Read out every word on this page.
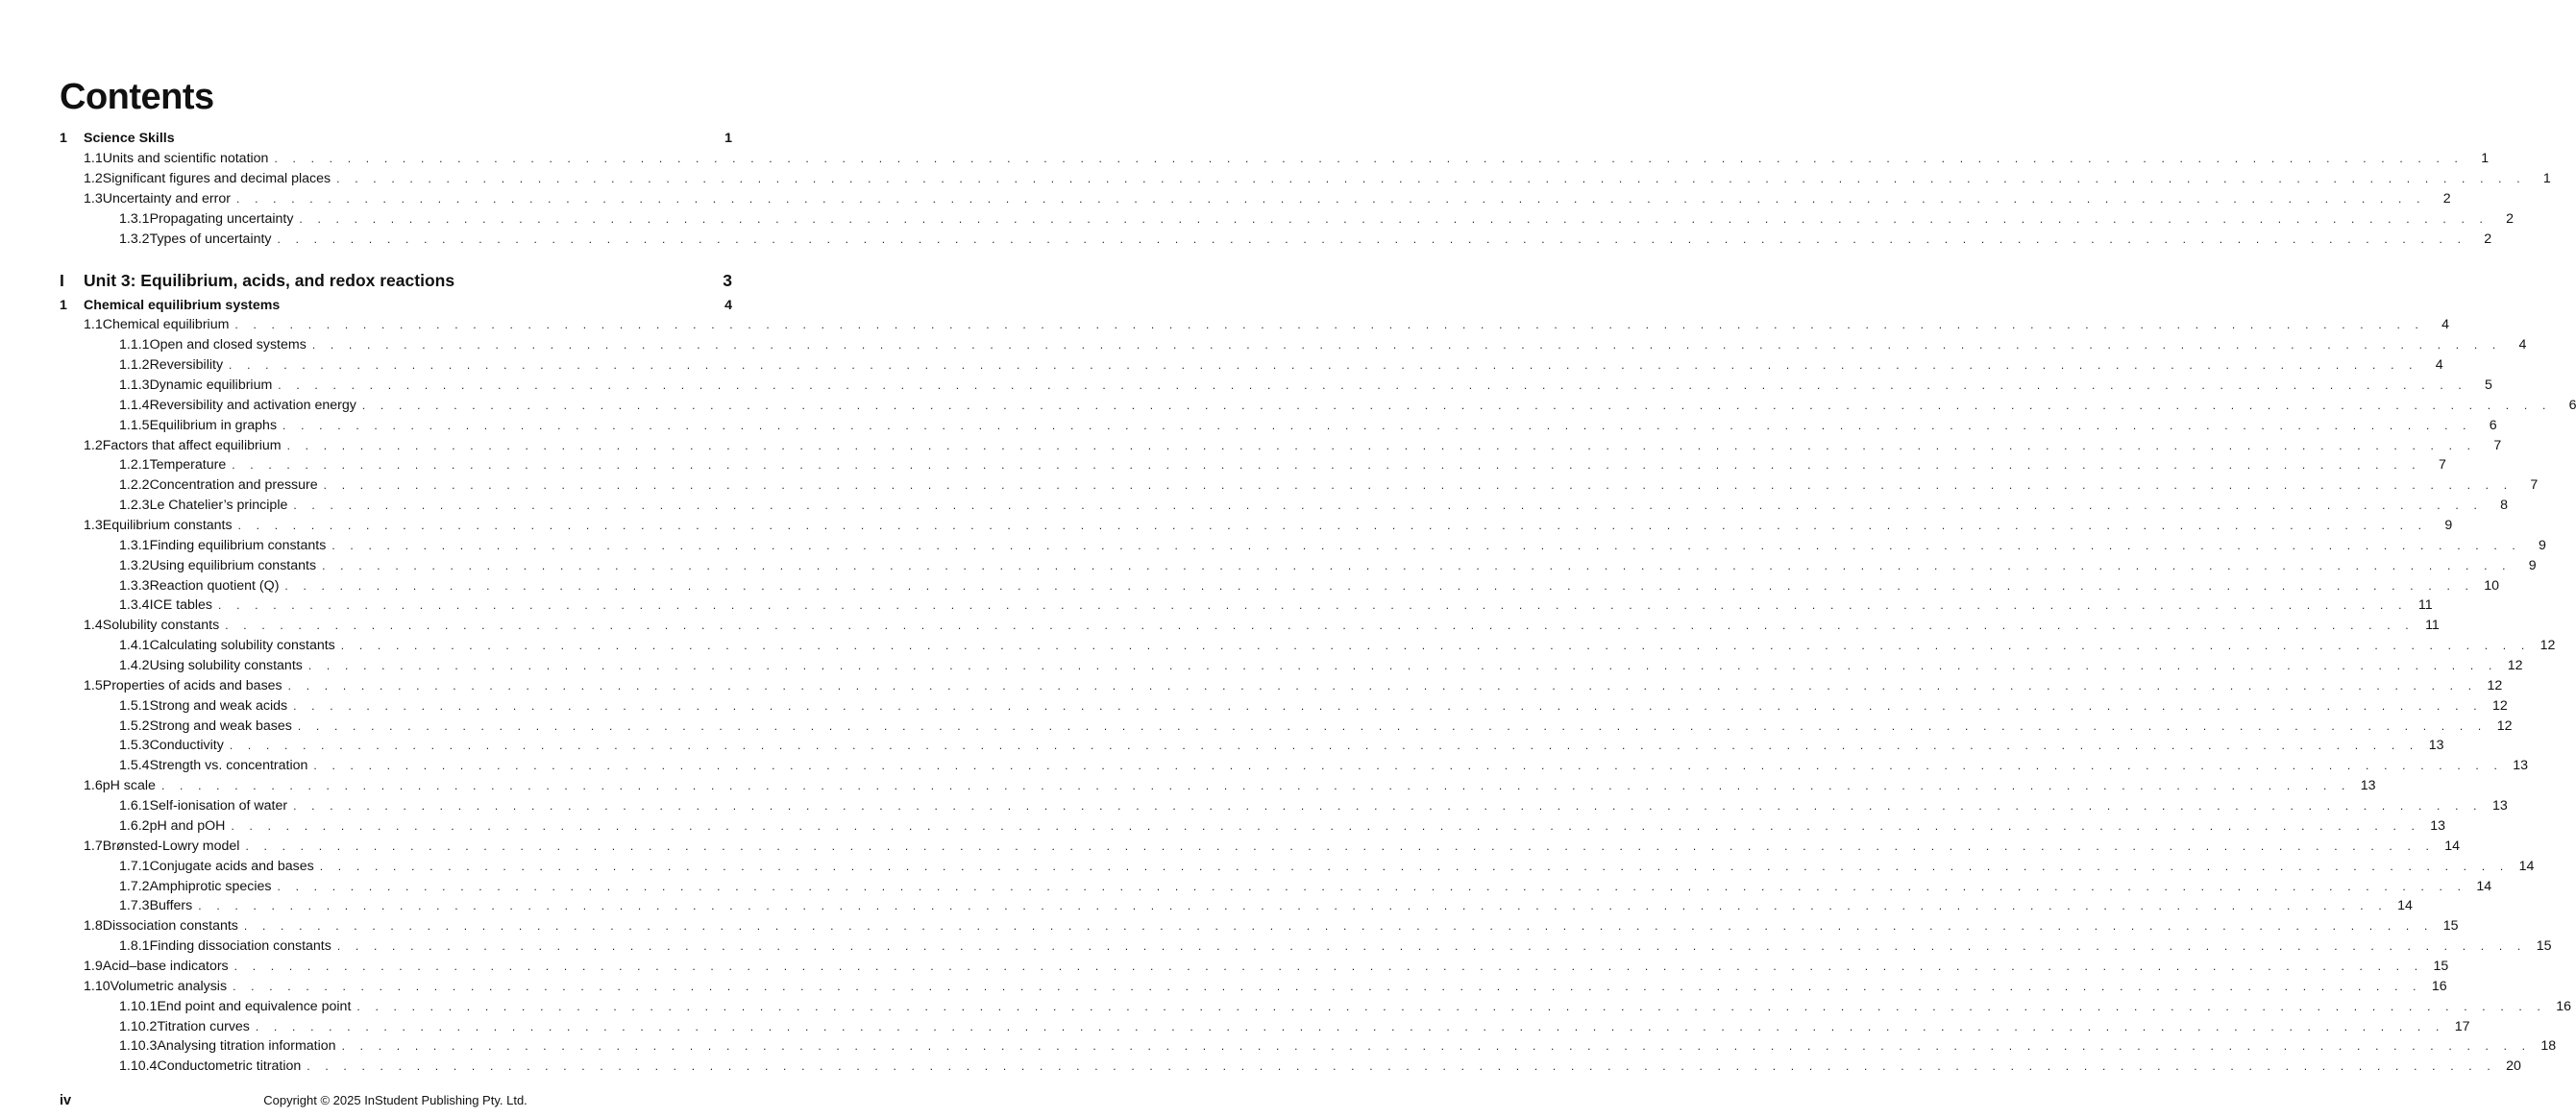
Contents
1	Science Skills	1
1.1 Units and scientific notation . . . . . . . . . . . . . . . . . . . . . . . . . . . . . . . . . . . . . . . . . . . . . . . . . . . . . . . . . . . . . . . . . . . . . . . . . . . . . . . . . . . . . . . . . . . . . . . . . . . . . . . . . . . . . . . . . . . . . . . .	1
1.2 Significant figures and decimal places . . . . . . . . . . . . . . . . . . . . . . . . . . . . . . . . . . . . . . . . . . . . . . . . . . . . . . . . . . . . . . . . . . . . . . . . . . . . . . . . . . . . . . . . . . . . . . . . . . . . . . . . . . . . . . . . . . . . . . . .	1
1.3 Uncertainty and error . . . . . . . . . . . . . . . . . . . . . . . . . . . . . . . . . . . . . . . . . . . . . . . . . . . . . . . . . . . . . . . . . . . . . . . . . . . . . . . . . . . . . . . . . . . . . . . . . . . . . . . . . . . . . . . . . . . . . . . .	2
1.3.1 Propagating uncertainty . . . . . . . . . . . . . . . . . . . . . . . . . . . . . . . . . . . . . . . . . . . . . . . . . . . . . . . . . . . . . . . . . . . . . . . . . . . . . . . . . . . . . . . . . . . . . . . . . . . . . . . . . . . . . . . . . . . . . . . .	2
1.3.2 Types of uncertainty . . . . . . . . . . . . . . . . . . . . . . . . . . . . . . . . . . . . . . . . . . . . . . . . . . . . . . . . . . . . . . . . . . . . . . . . . . . . . . . . . . . . . . . . . . . . . . . . . . . . . . . . . . . . . . . . . . . . . . . .	2
I	Unit 3: Equilibrium, acids, and redox reactions	3
1	Chemical equilibrium systems	4
1.1 Chemical equilibrium . . . . . . . . . . . . . . . . . . . . . . . . . . . . . . . . . . . . . . . . . . . . . . . . . . . . . . . . . . . . . . . . . . . . . . . . . . . . . . . . . . . . . . . . . . . . . . . . . . . . . . . . . . . . . . . . . . . . . . . .	4
1.1.1 Open and closed systems . . . . . . . . . . . . . . . . . . . . . . . . . . . . . . . . . . . . . . . . . . . . . . . . . . . . . . . . . . . . . . . . . . . . . . . . . . . . . . . . . . . . . . . . . . . . . . . . . . . . . . . . . . . . . . . . . . . . . . . .	4
1.1.2 Reversibility . . . . . . . . . . . . . . . . . . . . . . . . . . . . . . . . . . . . . . . . . . . . . . . . . . . . . . . . . . . . . . . . . . . . . . . . . . . . . . . . . . . . . . . . . . . . . . . . . . . . . . . . . . . . . . . . . . . . . . . .	4
1.1.3 Dynamic equilibrium . . . . . . . . . . . . . . . . . . . . . . . . . . . . . . . . . . . . . . . . . . . . . . . . . . . . . . . . . . . . . . . . . . . . . . . . . . . . . . . . . . . . . . . . . . . . . . . . . . . . . . . . . . . . . . . . . . . . . . . .	5
1.1.4 Reversibility and activation energy . . . . . . . . . . . . . . . . . . . . . . . . . . . . . . . . . . . . . . . . . . . . . . . . . . . . . . . . . . . . . . . . . . . . . . . . . . . . . . . . . . . . . . . . . . . . . . . . . . . . . . . . . . . . . . . . . . . . . . . .	6
1.1.5 Equilibrium in graphs . . . . . . . . . . . . . . . . . . . . . . . . . . . . . . . . . . . . . . . . . . . . . . . . . . . . . . . . . . . . . . . . . . . . . . . . . . . . . . . . . . . . . . . . . . . . . . . . . . . . . . . . . . . . . . . . . . . . . . . .	6
1.2 Factors that affect equilibrium . . . . . . . . . . . . . . . . . . . . . . . . . . . . . . . . . . . . . . . . . . . . . . . . . . . . . . . . . . . . . . . . . . . . . . . . . . . . . . . . . . . . . . . . . . . . . . . . . . . . . . . . . . . . . . . . . . . . . . . .	7
1.2.1 Temperature . . . . . . . . . . . . . . . . . . . . . . . . . . . . . . . . . . . . . . . . . . . . . . . . . . . . . . . . . . . . . . . . . . . . . . . . . . . . . . . . . . . . . . . . . . . . . . . . . . . . . . . . . . . . . . . . . . . . . . . .	7
1.2.2 Concentration and pressure . . . . . . . . . . . . . . . . . . . . . . . . . . . . . . . . . . . . . . . . . . . . . . . . . . . . . . . . . . . . . . . . . . . . . . . . . . . . . . . . . . . . . . . . . . . . . . . . . . . . . . . . . . . . . . . . . . . . . . . .	7
1.2.3 Le Chatelier’s principle . . . . . . . . . . . . . . . . . . . . . . . . . . . . . . . . . . . . . . . . . . . . . . . . . . . . . . . . . . . . . . . . . . . . . . . . . . . . . . . . . . . . . . . . . . . . . . . . . . . . . . . . . . . . . . . . . . . . . . . .	8
1.3 Equilibrium constants . . . . . . . . . . . . . . . . . . . . . . . . . . . . . . . . . . . . . . . . . . . . . . . . . . . . . . . . . . . . . . . . . . . . . . . . . . . . . . . . . . . . . . . . . . . . . . . . . . . . . . . . . . . . . . . . . . . . . . . .	9
1.3.1 Finding equilibrium constants . . . . . . . . . . . . . . . . . . . . . . . . . . . . . . . . . . . . . . . . . . . . . . . . . . . . . . . . . . . . . . . . . . . . . . . . . . . . . . . . . . . . . . . . . . . . . . . . . . . . . . . . . . . . . . . . . . . . . . . .	9
1.3.2 Using equilibrium constants . . . . . . . . . . . . . . . . . . . . . . . . . . . . . . . . . . . . . . . . . . . . . . . . . . . . . . . . . . . . . . . . . . . . . . . . . . . . . . . . . . . . . . . . . . . . . . . . . . . . . . . . . . . . . . . . . . . . . . . .	9
1.3.3 Reaction quotient (Q) . . . . . . . . . . . . . . . . . . . . . . . . . . . . . . . . . . . . . . . . . . . . . . . . . . . . . . . . . . . . . . . . . . . . . . . . . . . . . . . . . . . . . . . . . . . . . . . . . . . . . . . . . . . . . . . . . . . . . . . . 10
1.3.4 ICE tables . . . . . . . . . . . . . . . . . . . . . . . . . . . . . . . . . . . . . . . . . . . . . . . . . . . . . . . . . . . . . . . . . . . . . . . . . . . . . . . . . . . . . . . . . . . . . . . . . . . . . . . . . . . . . . . . . . . . . . . . 11
1.4 Solubility constants . . . . . . . . . . . . . . . . . . . . . . . . . . . . . . . . . . . . . . . . . . . . . . . . . . . . . . . . . . . . . . . . . . . . . . . . . . . . . . . . . . . . . . . . . . . . . . . . . . . . . . . . . . . . . . . . . . . . . . . . 11
1.4.1 Calculating solubility constants . . . . . . . . . . . . . . . . . . . . . . . . . . . . . . . . . . . . . . . . . . . . . . . . . . . . . . . . . . . . . . . . . . . . . . . . . . . . . . . . . . . . . . . . . . . . . . . . . . . . . . . . . . . . . . . . . . . . . . . . 12
1.4.2 Using solubility constants . . . . . . . . . . . . . . . . . . . . . . . . . . . . . . . . . . . . . . . . . . . . . . . . . . . . . . . . . . . . . . . . . . . . . . . . . . . . . . . . . . . . . . . . . . . . . . . . . . . . . . . . . . . . . . . . . . . . . . . . 12
1.5 Properties of acids and bases . . . . . . . . . . . . . . . . . . . . . . . . . . . . . . . . . . . . . . . . . . . . . . . . . . . . . . . . . . . . . . . . . . . . . . . . . . . . . . . . . . . . . . . . . . . . . . . . . . . . . . . . . . . . . . . . . . . . . . . . 12
1.5.1 Strong and weak acids . . . . . . . . . . . . . . . . . . . . . . . . . . . . . . . . . . . . . . . . . . . . . . . . . . . . . . . . . . . . . . . . . . . . . . . . . . . . . . . . . . . . . . . . . . . . . . . . . . . . . . . . . . . . . . . . . . . . . . . . 12
1.5.2 Strong and weak bases . . . . . . . . . . . . . . . . . . . . . . . . . . . . . . . . . . . . . . . . . . . . . . . . . . . . . . . . . . . . . . . . . . . . . . . . . . . . . . . . . . . . . . . . . . . . . . . . . . . . . . . . . . . . . . . . . . . . . . . . 12
1.5.3 Conductivity . . . . . . . . . . . . . . . . . . . . . . . . . . . . . . . . . . . . . . . . . . . . . . . . . . . . . . . . . . . . . . . . . . . . . . . . . . . . . . . . . . . . . . . . . . . . . . . . . . . . . . . . . . . . . . . . . . . . . . . . 13
1.5.4 Strength vs. concentration . . . . . . . . . . . . . . . . . . . . . . . . . . . . . . . . . . . . . . . . . . . . . . . . . . . . . . . . . . . . . . . . . . . . . . . . . . . . . . . . . . . . . . . . . . . . . . . . . . . . . . . . . . . . . . . . . . . . . . . . 13
1.6 pH scale . . . . . . . . . . . . . . . . . . . . . . . . . . . . . . . . . . . . . . . . . . . . . . . . . . . . . . . . . . . . . . . . . . . . . . . . . . . . . . . . . . . . . . . . . . . . . . . . . . . . . . . . . . . . . . . . . . . . . . . . 13
1.6.1 Self-ionisation of water . . . . . . . . . . . . . . . . . . . . . . . . . . . . . . . . . . . . . . . . . . . . . . . . . . . . . . . . . . . . . . . . . . . . . . . . . . . . . . . . . . . . . . . . . . . . . . . . . . . . . . . . . . . . . . . . . . . . . . . . 13
1.6.2 pH and pOH . . . . . . . . . . . . . . . . . . . . . . . . . . . . . . . . . . . . . . . . . . . . . . . . . . . . . . . . . . . . . . . . . . . . . . . . . . . . . . . . . . . . . . . . . . . . . . . . . . . . . . . . . . . . . . . . . . . . . . . . 13
1.7 Brønsted-Lowry model . . . . . . . . . . . . . . . . . . . . . . . . . . . . . . . . . . . . . . . . . . . . . . . . . . . . . . . . . . . . . . . . . . . . . . . . . . . . . . . . . . . . . . . . . . . . . . . . . . . . . . . . . . . . . . . . . . . . . . . . 14
1.7.1 Conjugate acids and bases . . . . . . . . . . . . . . . . . . . . . . . . . . . . . . . . . . . . . . . . . . . . . . . . . . . . . . . . . . . . . . . . . . . . . . . . . . . . . . . . . . . . . . . . . . . . . . . . . . . . . . . . . . . . . . . . . . . . . . . . 14
1.7.2 Amphiprotic species . . . . . . . . . . . . . . . . . . . . . . . . . . . . . . . . . . . . . . . . . . . . . . . . . . . . . . . . . . . . . . . . . . . . . . . . . . . . . . . . . . . . . . . . . . . . . . . . . . . . . . . . . . . . . . . . . . . . . . . . 14
1.7.3 Buffers . . . . . . . . . . . . . . . . . . . . . . . . . . . . . . . . . . . . . . . . . . . . . . . . . . . . . . . . . . . . . . . . . . . . . . . . . . . . . . . . . . . . . . . . . . . . . . . . . . . . . . . . . . . . . . . . . . . . . . . . 14
1.8 Dissociation constants . . . . . . . . . . . . . . . . . . . . . . . . . . . . . . . . . . . . . . . . . . . . . . . . . . . . . . . . . . . . . . . . . . . . . . . . . . . . . . . . . . . . . . . . . . . . . . . . . . . . . . . . . . . . . . . . . . . . . . . . 15
1.8.1 Finding dissociation constants . . . . . . . . . . . . . . . . . . . . . . . . . . . . . . . . . . . . . . . . . . . . . . . . . . . . . . . . . . . . . . . . . . . . . . . . . . . . . . . . . . . . . . . . . . . . . . . . . . . . . . . . . . . . . . . . . . . . . . . . 15
1.9 Acid–base indicators . . . . . . . . . . . . . . . . . . . . . . . . . . . . . . . . . . . . . . . . . . . . . . . . . . . . . . . . . . . . . . . . . . . . . . . . . . . . . . . . . . . . . . . . . . . . . . . . . . . . . . . . . . . . . . . . . . . . . . . . 15
1.10 Volumetric analysis . . . . . . . . . . . . . . . . . . . . . . . . . . . . . . . . . . . . . . . . . . . . . . . . . . . . . . . . . . . . . . . . . . . . . . . . . . . . . . . . . . . . . . . . . . . . . . . . . . . . . . . . . . . . . . . . . . . . . . . . 16
1.10.1 End point and equivalence point . . . . . . . . . . . . . . . . . . . . . . . . . . . . . . . . . . . . . . . . . . . . . . . . . . . . . . . . . . . . . . . . . . . . . . . . . . . . . . . . . . . . . . . . . . . . . . . . . . . . . . . . . . . . . . . . . . . . . . . . 16
1.10.2 Titration curves . . . . . . . . . . . . . . . . . . . . . . . . . . . . . . . . . . . . . . . . . . . . . . . . . . . . . . . . . . . . . . . . . . . . . . . . . . . . . . . . . . . . . . . . . . . . . . . . . . . . . . . . . . . . . . . . . . . . . . . . 17
1.10.3 Analysing titration information . . . . . . . . . . . . . . . . . . . . . . . . . . . . . . . . . . . . . . . . . . . . . . . . . . . . . . . . . . . . . . . . . . . . . . . . . . . . . . . . . . . . . . . . . . . . . . . . . . . . . . . . . . . . . . . . . . . . . . . . 18
1.10.4 Conductometric titration . . . . . . . . . . . . . . . . . . . . . . . . . . . . . . . . . . . . . . . . . . . . . . . . . . . . . . . . . . . . . . . . . . . . . . . . . . . . . . . . . . . . . . . . . . . . . . . . . . . . . . . . . . . . . . . . . . . . . . . . 20
iv	Copyright © 2025 InStudent Publishing Pty. Ltd.
